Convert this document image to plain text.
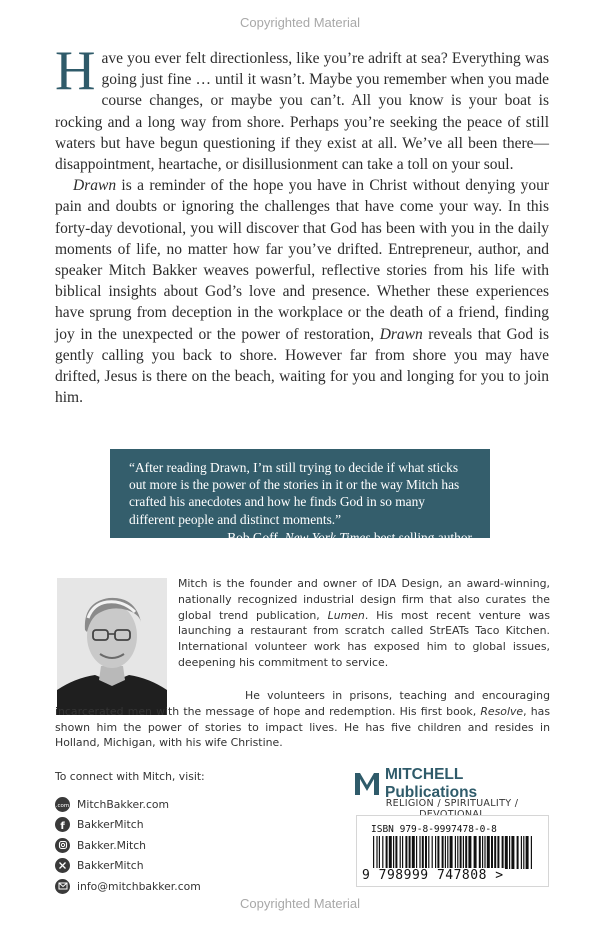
Copyrighted Material

Have you ever felt directionless, like you’re adrift at sea? Everything was going just fine … until it wasn’t. Maybe you remember when you made course changes, or maybe you can’t. All you know is your boat is rocking and a long way from shore. Perhaps you’re seeking the peace of still waters but have begun questioning if they exist at all. We’ve all been there—disappointment, heartache, or disillusionment can take a toll on your soul.

Drawn is a reminder of the hope you have in Christ without denying your pain and doubts or ignoring the challenges that have come your way. In this forty-day devotional, you will discover that God has been with you in the daily moments of life, no matter how far you’ve drifted. Entrepreneur, author, and speaker Mitch Bakker weaves powerful, reflective stories from his life with biblical insights about God’s love and presence. Whether these experiences have sprung from deception in the workplace or the death of a friend, finding joy in the unexpected or the power of restoration, Drawn reveals that God is gently calling you back to shore. However far from shore you may have drifted, Jesus is there on the beach, waiting for you and longing for you to join him.

“After reading Drawn, I’m still trying to decide if what sticks out more is the power of the stories in it or the way Mitch has crafted his anecdotes and how he finds God in so many different people and distinct moments.”

—Bob Goff, New York Times best selling author

Mitch is the founder and owner of IDA Design, an award-winning, nationally recognized industrial design firm that also curates the global trend publication, Lumen. His most recent venture was launching a restaurant from scratch called StrEATs Taco Kitchen. International volunteer work has exposed him to global issues, deepening his commitment to service.

He volunteers in prisons, teaching and encouraging incarcerated men with the message of hope and redemption. His first book, Resolve, has shown him the power of stories to impact lives. He has five children and resides in Holland, Michigan, with his wife Christine.

To connect with Mitch, visit:

.com MitchBakker.com
f BakkerMitch
Bakker.Mitch
BakkerMitch
info@mitchbakker.com
MITCHELL Publications
RELIGION / SPIRITUALITY /
ISBN 979-8-9997478-0-8
9 798999 747808 >
Copyrighted Material
